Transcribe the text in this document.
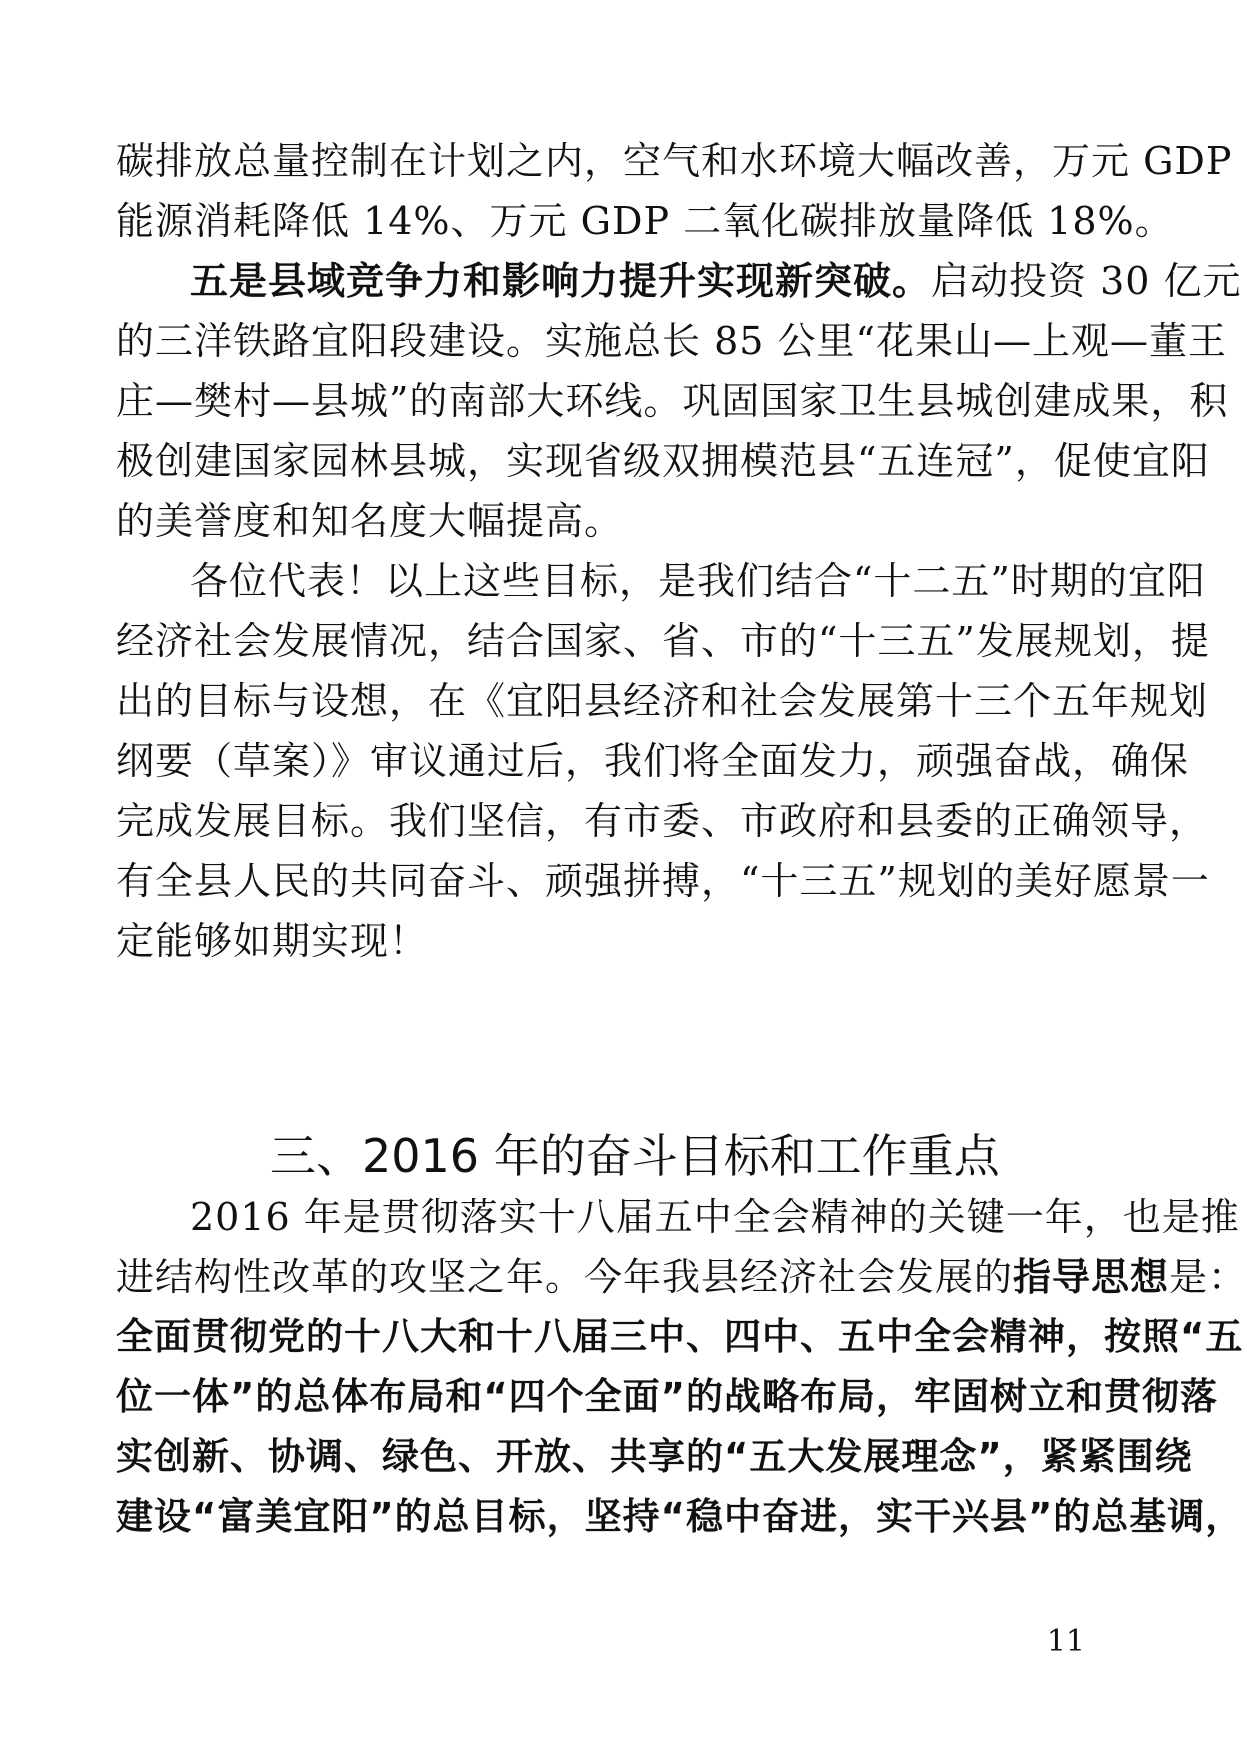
碳排放总量控制在计划之内，空气和水环境大幅改善，万元 GDP
能源消耗降低 14%、万元 GDP 二氧化碳排放量降低 18%。
五是县域竞争力和影响力提升实现新突破。启动投资 30 亿元
的三洋铁路宜阳段建设。实施总长 85 公里“花果山—上观—董王
庄—樊村—县城”的南部大环线。巩固国家卫生县城创建成果，积
极创建国家园林县城，实现省级双拥模范县“五连冠”，促使宜阳
的美誉度和知名度大幅提高。
各位代表！以上这些目标，是我们结合“十二五”时期的宜阳
经济社会发展情况，结合国家、省、市的“十三五”发展规划，提
出的目标与设想，在《宜阳县经济和社会发展第十三个五年规划
纲要（草案）》审议通过后，我们将全面发力，顽强奋战，确保
完成发展目标。我们坚信，有市委、市政府和县委的正确领导，
有全县人民的共同奋斗、顽强拼搏，“十三五”规划的美好愿景一
定能够如期实现！
三、2016 年的奋斗目标和工作重点
2016 年是贯彻落实十八届五中全会精神的关键一年，也是推
进结构性改革的攻坚之年。今年我县经济社会发展的指导思想是：
全面贯彻党的十八大和十八届三中、四中、五中全会精神，按照“五
位一体”的总体布局和“四个全面”的战略布局，牢固树立和贯彻落
实创新、协调、绿色、开放、共享的“五大发展理念”，紧紧围绕
建设“富美宜阳”的总目标，坚持“稳中奋进，实干兴县”的总基调，
11
